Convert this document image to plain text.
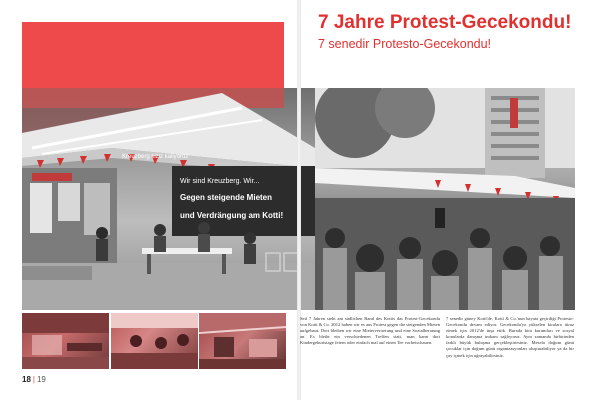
Wir sind Kreuzberg. Wir...
Gegen steigende Mieten
und Verdrängung am Kotti!
Kreuzberg kiziz kaliyoruz
7 Jahre Protest-Gecekondu!
7 senedir Protesto-Gecekondu!
Seit 7 Jahren steht am südlichen Rand des Kottis das Protest-Gecekondu von Kotti & Co. 2012 haben wir es aus Protest gegen die steigenden Mieten aufgebaut. Dort bleiben wir eine Mietervertretung und eine Sozialberatung an. Es bleibt ein verschiedenen Treffen statt, man kann dort Kindergeburtstage feiern oder einfach mal auf einen Tee vorbeischauen.
7 senedir güney Kotti'de, Kotti & Co.'nun hayata geçirdiği Protesto-Gecekondu devam ediyor. Gecekondu'ya yükselen kiralara itiraz etmek için 2012'de inşa ettik. Burada kira kurumları ve sosyal konularda danışma imkanı sağlıyoruz. Aynı zamanda birbirinden farklı büyük buluşma gerçekleştirirsiniz. Mesela doğum günü çocuklar için doğum günü organizasyonları oluşturabiliyor ya da bir çay içmek için uğrayabilirsiniz.
18 | 19
